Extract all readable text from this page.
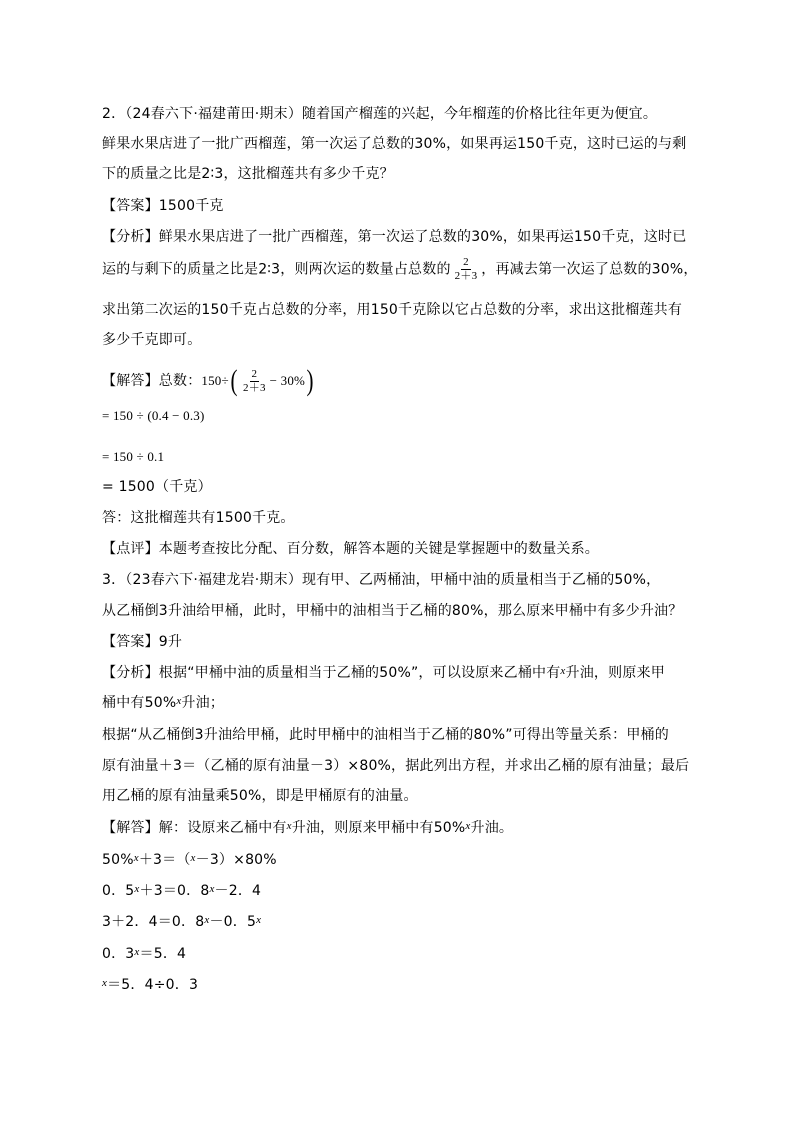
2．（24春六下·福建莆田·期末）随着国产榴莲的兴起，今年榴莲的价格比往年更为便宜。
鲜果水果店进了一批广西榴莲，第一次运了总数的30%，如果再运150千克，这时已运的与剩
下的质量之比是2∶3，这批榴莲共有多少千克？
【答案】1500千克
【分析】鲜果水果店进了一批广西榴莲，第一次运了总数的30%，如果再运150千克，这时已
运的与剩下的质量之比是2∶3，则两次运的数量占总数的 $\frac{2}{2+3}$ ，再减去第一次运了总数的30%，
求出第二次运的150千克占总数的分率，用150千克除以它占总数的分率，求出这批榴莲共有
多少千克即可。
【解答】总数：$150\div( \frac{2}{2+3} - 30\%)$
= 150 ÷ (0.4 − 0.3)
= 150 ÷ 0.1
= 1500（千克）
答：这批榴莲共有1500千克。
【点评】本题考查按比分配、百分数，解答本题的关键是掌握题中的数量关系。
3．（23春六下·福建龙岩·期末）现有甲、乙两桶油，甲桶中油的质量相当于乙桶的50%，
从乙桶倒3升油给甲桶，此时，甲桶中的油相当于乙桶的80%，那么原来甲桶中有多少升油？
【答案】9升
【分析】根据“甲桶中油的质量相当于乙桶的50%”，可以设原来乙桶中有$^x$升油，则原来甲
桶中有50%$^x$升油；
根据“从乙桶倒3升油给甲桶，此时甲桶中的油相当于乙桶的80%”可得出等量关系：甲桶的
原有油量＋3＝（乙桶的原有油量－3）×80%，据此列出方程，并求出乙桶的原有油量；最后
用乙桶的原有油量乘50%，即是甲桶原有的油量。
【解答】解：设原来乙桶中有$^x$升油，则原来甲桶中有50%$^x$升油。
50%$^x$＋3＝（$^x$－3）×80%
0．$5^x+3=0$．$8^x-2$．4
3＋2．4＝0．$8^x-0$．5$^x$
0．$3^x=5$．4
$^x$＝5．4÷0．3
